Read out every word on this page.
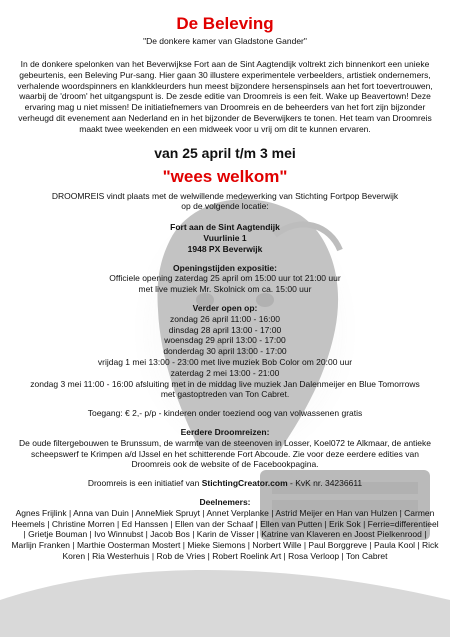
De Beleving
"De donkere kamer van Gladstone Gander"
In de donkere spelonken van het Beverwijkse Fort aan de Sint Aagtendijk voltrekt zich binnenkort een unieke gebeurtenis, een Beleving Pur-sang. Hier gaan 30 illustere experimentele verbeelders, artistiek ondernemers, verhalende woordspinners en klankkleurders hun meest bijzondere hersenspinsels aan het fort toevertrouwen, waarbij de 'droom' het uitgangspunt is. De zesde editie van Droomreis is een feit. Wake up Beavertown! Deze ervaring mag u niet missen! De initiatiefnemers van Droomreis en de beheerders van het fort zijn bijzonder verheugd dit evenement aan Nederland en in het bijzonder de Beverwijkers te tonen. Het team van Droomreis maakt twee weekenden en een midweek voor u vrij om dit te kunnen ervaren.
van 25 april t/m 3 mei
"wees welkom"
DROOMREIS vindt plaats met de welwillende medewerking van Stichting Fortpop Beverwijk
op de volgende locatie:
Fort aan de Sint Aagtendijk
Vuurlinie 1
1948 PX Beverwijk
Openingstijden expositie:
Officiele opening zaterdag 25 april om 15:00 uur tot 21:00 uur
met live muziek Mr. Skolnick om ca. 15:00 uur
Verder open op:
zondag 26 april 11:00 - 16:00
dinsdag 28 april 13:00 - 17:00
woensdag 29 april 13:00 - 17:00
donderdag 30 april 13:00 - 17:00
vrijdag 1 mei 13:00 - 23:00 met live muziek Bob Color om 20:00 uur
zaterdag 2 mei 13:00 - 21:00
zondag 3 mei 11:00 - 16:00 afsluiting met in de middag live muziek Jan Dalenmeijer en Blue Tomorrows
met gastoptreden van Ton Cabret.
Toegang: € 2,- p/p - kinderen onder toeziend oog van volwassenen gratis
Eerdere Droomreizen:
De oude filtergebouwen te Brunssum, de warmte van de steenoven in Losser, Koel072 te Alkmaar, de antieke scheepswerf te Krimpen a/d IJssel en het schitterende Fort Abcoude. Zie voor deze eerdere edities van Droomreis ook de website of de Facebookpagina.
Droomreis is een initiatief van StichtingCreator.com - KvK nr. 34236611
Deelnemers:
Agnes Frijlink | Anna van Duin | AnneMiek Spruyt | Annet Verplanke | Astrid Meijer en Han van Hulzen | Carmen Heemels | Christine Morren | Ed Hanssen | Ellen van der Schaaf | Ellen van Putten | Erik Sok | Ferrie=differentieel | Grietje Bouman | Ivo Winnubst | Jacob Bos | Karin de Visser | Katrine van Klaveren en Joost Pielkenrood | Marlijn Franken | Marthie Oosterman Mostert | Mieke Siemons | Norbert Wille | Paul Borggreve | Paula Kool | Rick Koren | Ria Westerhuis | Rob de Vries | Robert Roelink Art | Rosa Verloop | Ton Cabret
